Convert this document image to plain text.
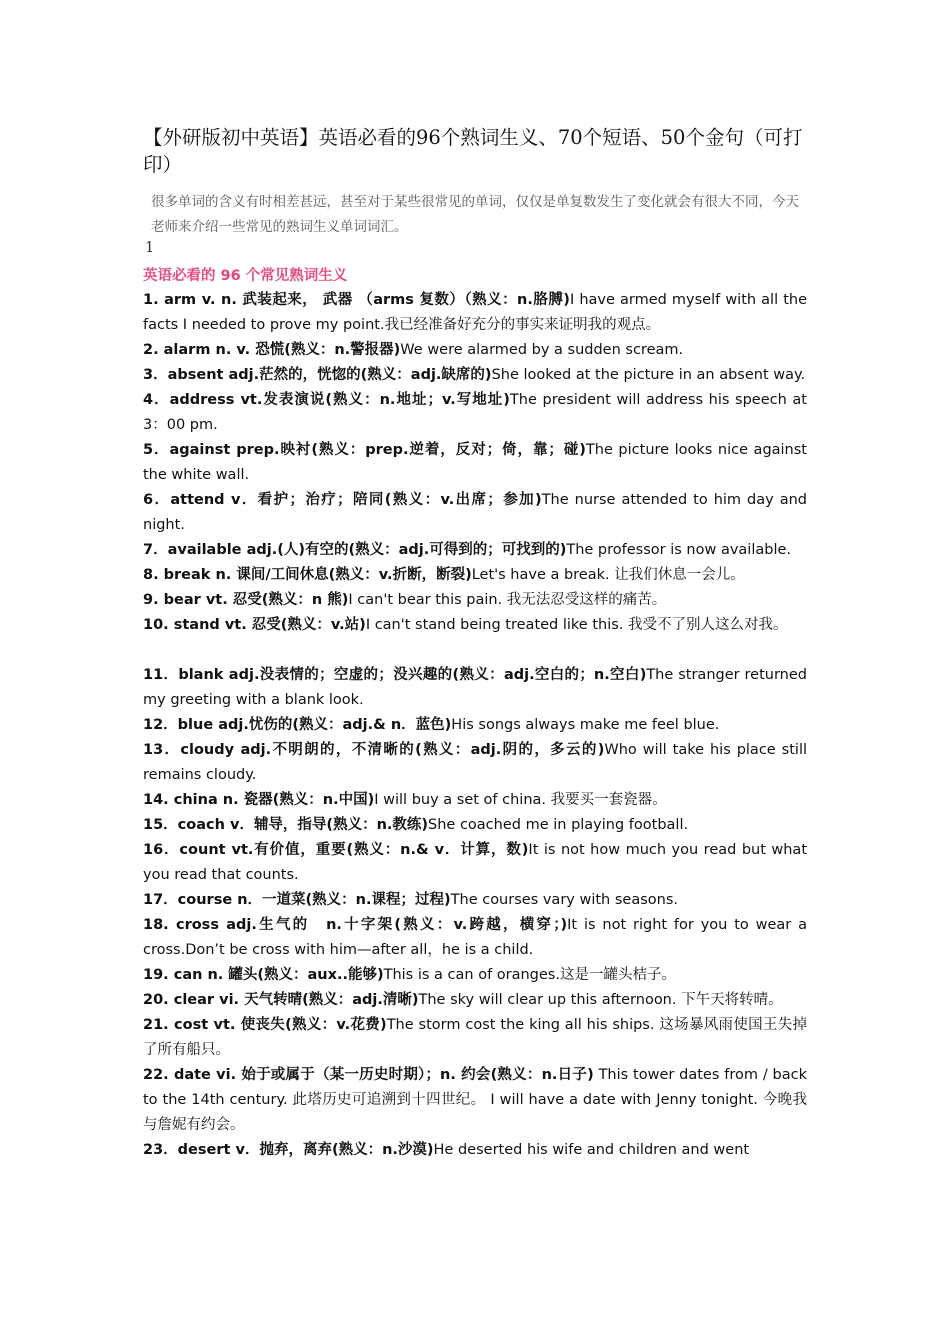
【外研版初中英语】英语必看的96个熟词生义、70个短语、50个金句（可打印）
很多单词的含义有时相差甚远，甚至对于某些很常见的单词，仅仅是单复数发生了变化就会有很大不同，今天老师来介绍一些常见的熟词生义单词词汇。
1
英语必看的 96 个常见熟词生义

1. arm v. n. 武装起来， 武器 （arms 复数）（熟义：n.胳膊)I have armed myself with all the facts I needed to prove my point.我已经准备好充分的事实来证明我的观点。

2. alarm n. v. 恐慌(熟义：n.警报器)We were alarmed by a sudden scream.

3．absent adj.茫然的，恍惚的(熟义：adj.缺席的)She looked at the picture in an absent way.

4．address vt.发表演说(熟义：n.地址；v.写地址)The president will address his speech at 3：00 pm.

5．against prep.映衬(熟义：prep.逆着，反对；倚，靠；碰)The picture looks nice against the white wall.

6．attend v．看护；治疗；陪同(熟义：v.出席；参加)The nurse attended to him day and night.

7．available adj.(人)有空的(熟义：adj.可得到的；可找到的)The professor is now available.

8. break n. 课间/工间休息(熟义：v.折断，断裂)Let's have a break. 让我们休息一会儿。

9. bear vt. 忍受(熟义：n 熊)I can't bear this pain. 我无法忍受这样的痛苦。

10. stand vt. 忍受(熟义：v.站)I can't stand being treated like this. 我受不了别人这么对我。

11．blank adj.没表情的；空虚的；没兴趣的(熟义：adj.空白的；n.空白)The stranger returned my greeting with a blank look.

12．blue adj.忧伤的(熟义：adj.& n．蓝色)His songs always make me feel blue.

13．cloudy adj.不明朗的，不清晰的(熟义：adj.阴的，多云的)Who will take his place still remains cloudy.

14. china n. 瓷器(熟义：n.中国)I will buy a set of china. 我要买一套瓷器。

15．coach v．辅导，指导(熟义：n.教练)She coached me in playing football.

16．count vt.有价值，重要(熟义：n.& v．计算，数)It is not how much you read but what you read that counts.

17．course n．一道菜(熟义：n.课程；过程)The courses vary with seasons.

18. cross adj.生气的　n.十字架(熟义：v.跨越，横穿；)It is not right for you to wear a cross.Don’t be cross with him—after all，he is a child.

19. can n. 罐头(熟义：aux..能够)This is a can of oranges.这是一罐头桔子。

20. clear vi. 天气转晴(熟义：adj.清晰)The sky will clear up this afternoon. 下午天将转晴。

21. cost vt. 使丧失(熟义：v.花费)The storm cost the king all his ships. 这场暴风雨使国王失掉了所有船只。

22. date vi. 始于或属于（某一历史时期）；n. 约会(熟义：n.日子) This tower dates from / back to the 14th century. 此塔历史可追溯到十四世纪。 I will have a date with Jenny tonight. 今晚我与詹妮有约会。

23．desert v．抛弃，离弃(熟义：n.沙漠)He deserted his wife and children and went
